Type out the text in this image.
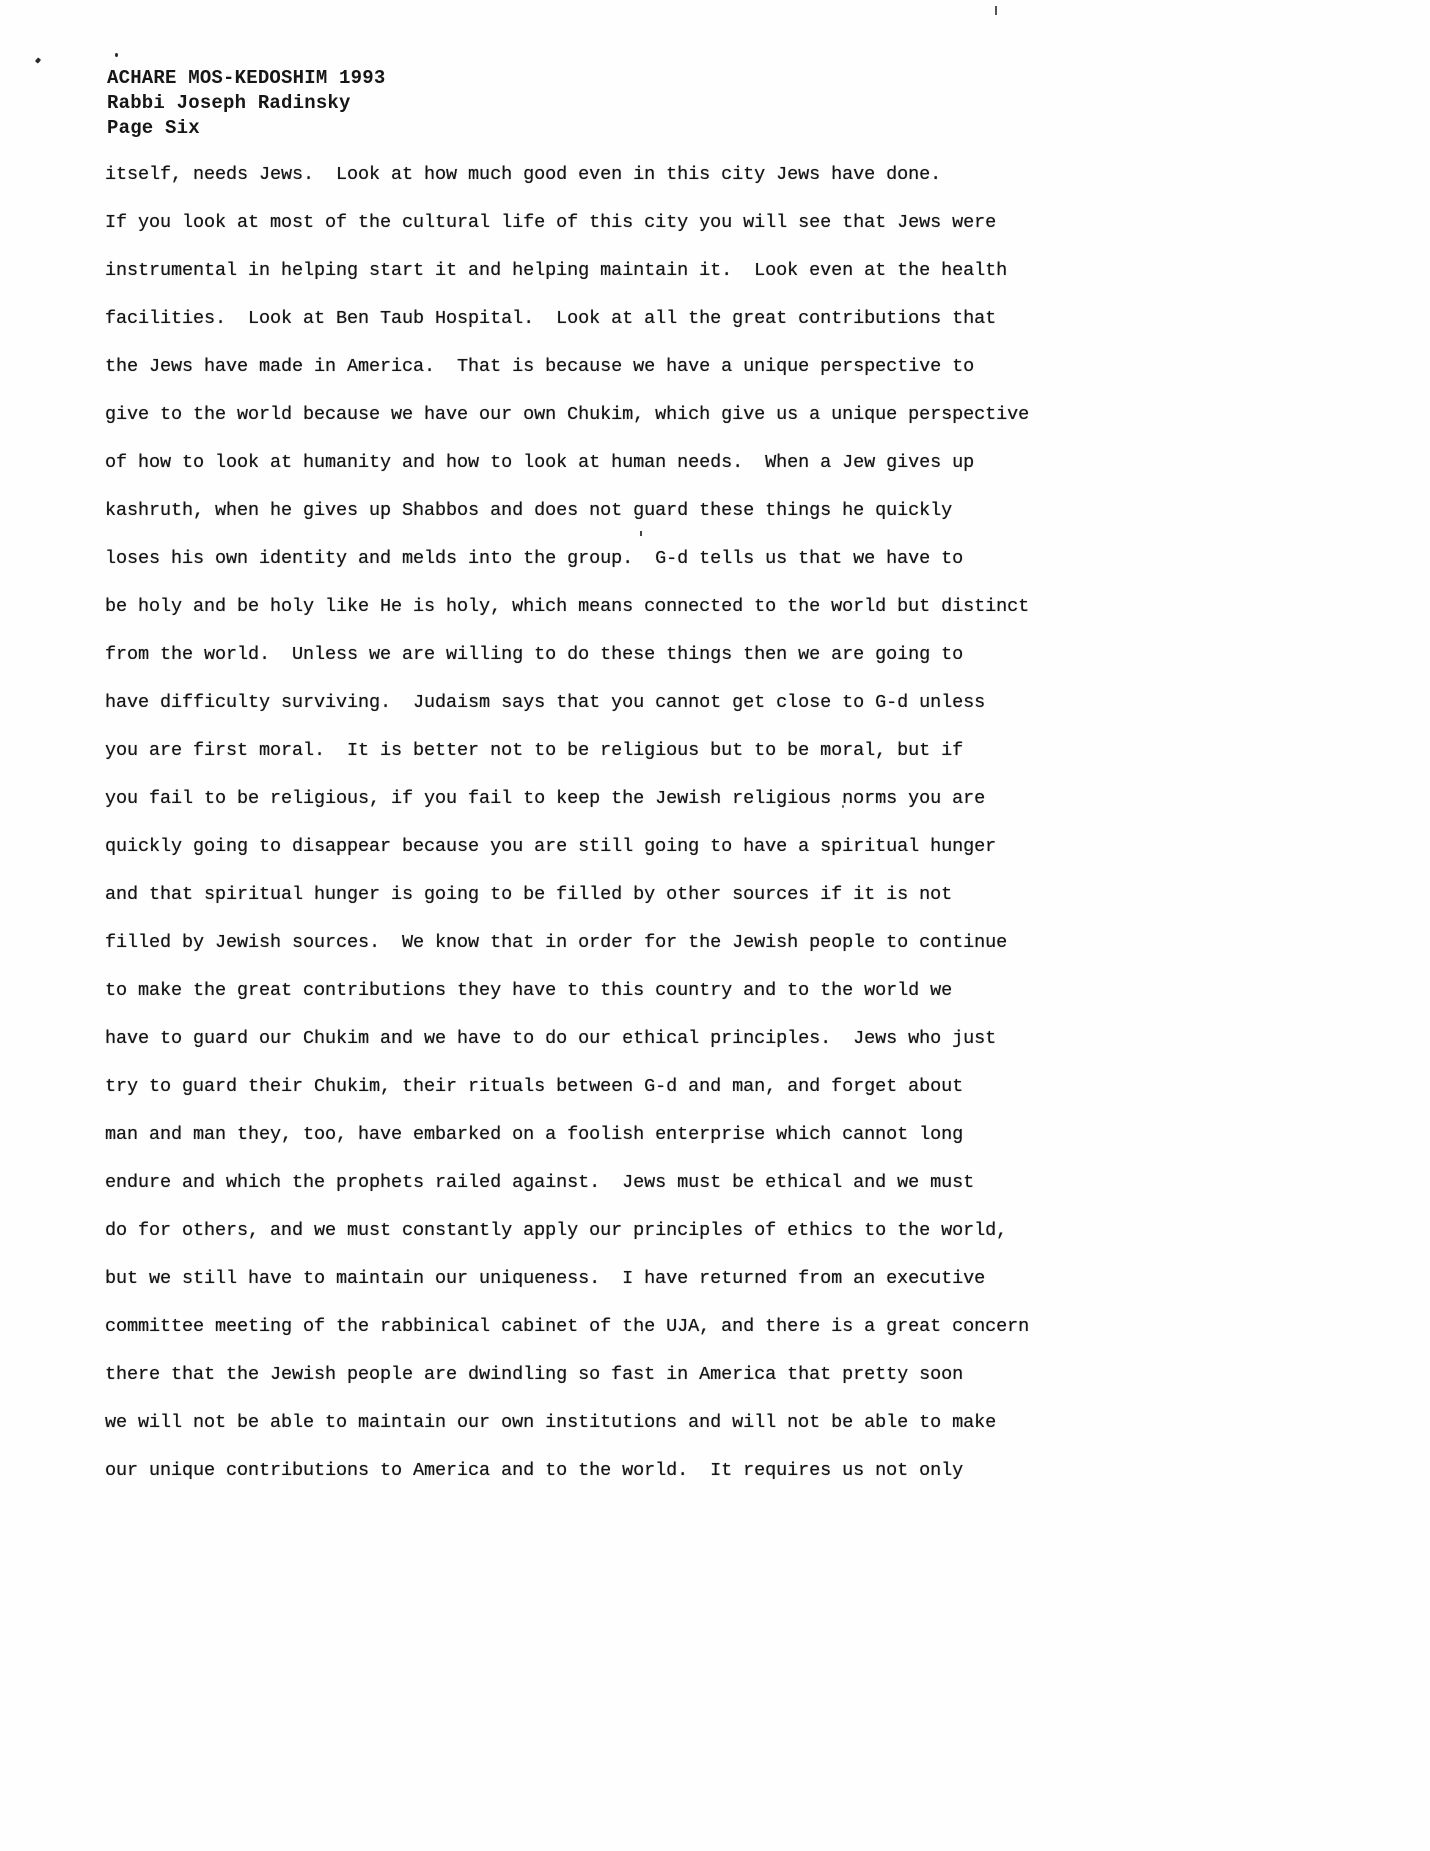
ACHARE MOS-KEDOSHIM 1993
Rabbi Joseph Radinsky
Page Six
itself, needs Jews.  Look at how much good even in this city Jews have done.
If you look at most of the cultural life of this city you will see that Jews were
instrumental in helping start it and helping maintain it.  Look even at the health
facilities.  Look at Ben Taub Hospital.  Look at all the great contributions that
the Jews have made in America.  That is because we have a unique perspective to
give to the world because we have our own Chukim, which give us a unique perspective
of how to look at humanity and how to look at human needs.  When a Jew gives up
kashruth, when he gives up Shabbos and does not guard these things he quickly
loses his own identity and melds into the group.  G-d tells us that we have to
be holy and be holy like He is holy, which means connected to the world but distinct
from the world.  Unless we are willing to do these things then we are going to
have difficulty surviving.  Judaism says that you cannot get close to G-d unless
you are first moral.  It is better not to be religious but to be moral, but if
you fail to be religious, if you fail to keep the Jewish religious norms you are
quickly going to disappear because you are still going to have a spiritual hunger
and that spiritual hunger is going to be filled by other sources if it is not
filled by Jewish sources.  We know that in order for the Jewish people to continue
to make the great contributions they have to this country and to the world we
have to guard our Chukim and we have to do our ethical principles.  Jews who just
try to guard their Chukim, their rituals between G-d and man, and forget about
man and man they, too, have embarked on a foolish enterprise which cannot long
endure and which the prophets railed against.  Jews must be ethical and we must
do for others, and we must constantly apply our principles of ethics to the world,
but we still have to maintain our uniqueness.  I have returned from an executive
committee meeting of the rabbinical cabinet of the UJA, and there is a great concern
there that the Jewish people are dwindling so fast in America that pretty soon
we will not be able to maintain our own institutions and will not be able to make
our unique contributions to America and to the world.  It requires us not only
